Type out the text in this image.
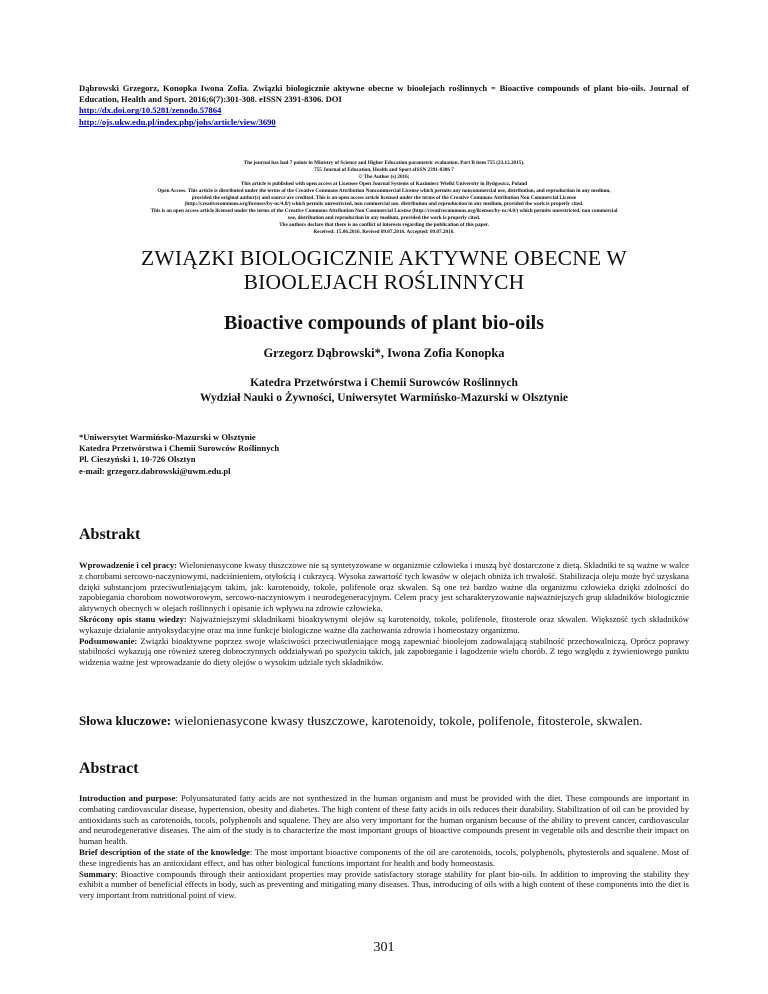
Dąbrowski Grzegorz, Konopka Iwona Zofia. Związki biologicznie aktywne obecne w bioolejach roślinnych = Bioactive compounds of plant bio-oils. Journal of Education, Health and Sport. 2016;6(7):301-308. eISSN 2391-8306. DOI
http://dx.doi.org/10.5281/zenodo.57864
http://ojs.ukw.edu.pl/index.php/johs/article/view/3690
The journal has had 7 points in Ministry of Science and Higher Education parametric evaluation. Part B item 755 (23.12.2015).
755 Journal of Education, Health and Sport eISSN 2391-8306 7
© The Author (s) 2016;
This article is published with open access at Licensee Open Journal Systems of Kazimierz Wielki University in Bydgoszcz, Poland
Open Access. This article is distributed under the terms of the Creative Commons Attribution Noncommercial License which permits any noncommercial use, distribution, and reproduction in any medium,
provided the original author(s) and source are credited. This is an open access article licensed under the terms of the Creative Commons Attribution Non Commercial License
(http://creativecommons.org/licenses/by-nc/4.0/) which permits unrestricted, non commercial use, distribution and reproduction in any medium, provided the work is properly cited.
This is an open access article licensed under the terms of the Creative Commons Attribution Non Commercial License (http://creativecommons.org/licenses/by-nc/4.0/) which permits unrestricted, non commercial
use, distribution and reproduction in any medium, provided the work is properly cited.
The authors declare that there is no conflict of interests regarding the publication of this paper.
Received: 15.06.2016. Revised 09.07.2016. Accepted: 09.07.2016.
ZWIĄZKI BIOLOGICZNIE AKTYWNE OBECNE W
BIOOLEJACH ROŚLINNYCH
Bioactive compounds of plant bio-oils
Grzegorz Dąbrowski*, Iwona Zofia Konopka
Katedra Przetwórstwa i Chemii Surowców Roślinnych
Wydział Nauki o Żywności, Uniwersytet Warmińsko-Mazurski w Olsztynie
*Uniwersytet Warmińsko-Mazurski w Olsztynie
Katedra Przetwórstwa i Chemii Surowców Roślinnych
Pl. Cieszyński 1, 10-726 Olsztyn
e-mail: grzegorz.dabrowski@uwm.edu.pl
Abstrakt
Wprowadzenie i cel pracy: Wielonienasycone kwasy tłuszczowe nie są syntetyzowane w organizmie człowieka i muszą być dostarczone z dietą. Składniki te są ważne w walce z chorobami sercowo-naczyniowymi, nadciśnieniem, otyłością i cukrzycą. Wysoka zawartość tych kwasów w olejach obniża ich trwałość. Stabilizacja oleju może być uzyskana dzięki substancjom przeciwutleniającym takim, jak: karotenoidy, tokole, polifenole oraz skwalen. Są one też bardzo ważne dla organizmu człowieka dzięki zdolności do zapobiegania chorobom nowotworowym, sercowo-naczyniowym i neurodegeneracyjnym. Celem pracy jest scharakteryzowanie najważniejszych grup składników biologicznie aktywnych obecnych w olejach roślinnych i opisanie ich wpływu na zdrowie człowieka.
Skrócony opis stanu wiedzy: Najważniejszymi składnikami bioaktywnymi olejów są karotenoidy, tokole, polifenole, fitosterole oraz skwalen. Większość tych składników wykazuje działanie antyoksydacyjne oraz ma inne funkcje biologiczne ważne dla zachowania zdrowia i homeostazy organizmu.
Podsumowanie: Związki bioaktywne poprzez swoje właściwości przeciwutleniające mogą zapewniać bioolejom zadowalającą stabilność przechowalniczą. Oprócz poprawy stabilności wykazują one również szereg dobroczynnych oddziaływań po spożyciu takich, jak zapobieganie i łagodzenie wielu chorób. Z tego względu z żywieniowego punktu widzenia ważne jest wprowadzanie do diety olejów o wysokim udziale tych składników.
Słowa kluczowe: wielonienasycone kwasy tłuszczowe, karotenoidy, tokole, polifenole, fitosterole, skwalen.
Abstract
Introduction and purpose: Polyunsaturated fatty acids are not synthesized in the human organism and must be provided with the diet. These compounds are important in combating cardiovascular disease, hypertension, obesity and diabetes. The high content of these fatty acids in oils reduces their durability. Stabilization of oil can be provided by antioxidants such as carotenoids, tocols, polyphenols and squalene. They are also very important for the human organism because of the ability to prevent cancer, cardiovascular and neurodegenerative diseases. The aim of the study is to characterize the most important groups of bioactive compounds present in vegetable oils and describe their impact on human health.
Brief description of the state of the knowledge: The most important bioactive components of the oil are carotenoids, tocols, polyphenols, phytosterols and squalene. Most of these ingredients has an antioxidant effect, and has other biological functions important for health and body homeostasis.
Summary: Bioactive compounds through their antioxidant properties may provide satisfactory storage stability for plant bio-oils. In addition to improving the stability they exhibit a number of beneficial effects in body, such as preventing and mitigating many diseases. Thus, introducing of oils with a high content of these components into the diet is very important from nutritional point of view.
301
